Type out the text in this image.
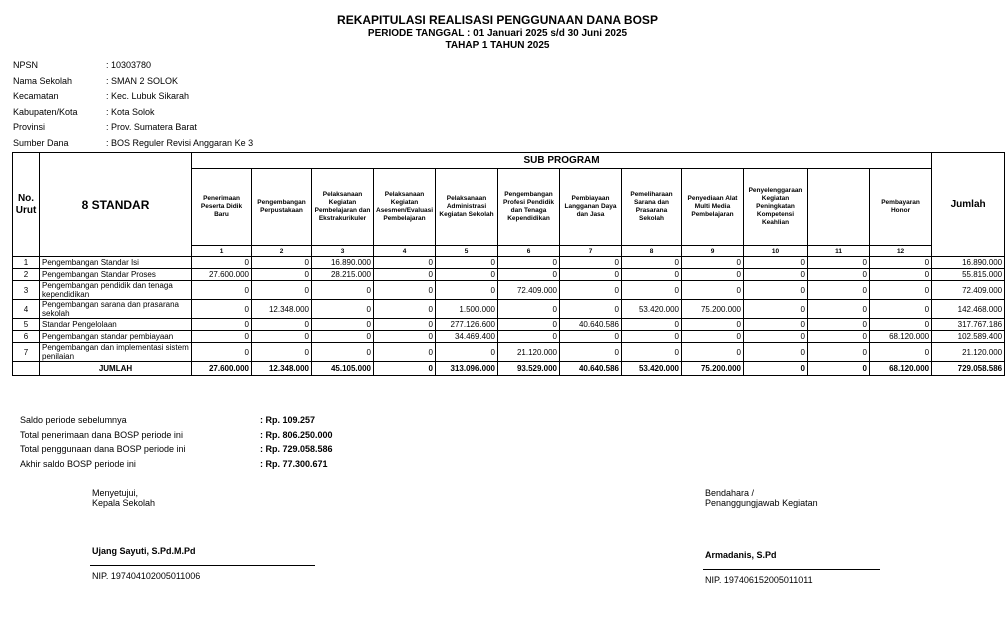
REKAPITULASI REALISASI PENGGUNAAN DANA BOSP
PERIODE TANGGAL : 01 Januari 2025 s/d 30 Juni 2025
TAHAP 1 TAHUN 2025
NPSN	: 10303780
Nama Sekolah	: SMAN 2 SOLOK
Kecamatan	: Kec. Lubuk Sikarah
Kabupaten/Kota	: Kota Solok
Provinsi	: Prov. Sumatera Barat
Sumber Dana	: BOS Reguler Revisi Anggaran Ke 3
No. Urut	8 STANDAR	SUB PROGRAM												Jumlah
		Penerimaan Peserta Didik Baru	Pengembangan Perpustakaan	Pelaksanaan Kegiatan Pembelajaran dan Ekstrakurikuler	Pelaksanaan Kegiatan Asesmen/Evaluasi Pembelajaran	Pelaksanaan Administrasi Kegiatan Sekolah	Pengembangan Profesi Pendidik dan Tenaga Kependidikan	Pembiayaan Langganan Daya dan Jasa	Pemeliharaan Sarana dan Prasarana Sekolah	Penyediaan Alat Multi Media Pembelajaran	Penyelenggaraan Kegiatan Peningkatan Kompetensi Keahlian		Pembayaran Honor	
		1	2	3	4	5	6	7	8	9	10	11	12	
1	Pengembangan Standar Isi	0	0	16.890.000	0	0	0	0	0	0	0	0	0	16.890.000
2	Pengembangan Standar Proses	27.600.000	0	28.215.000	0	0	0	0	0	0	0	0	0	55.815.000
3	Pengembangan pendidik dan tenaga kependidikan	0	0	0	0	0	72.409.000	0	0	0	0	0	0	72.409.000
4	Pengembangan sarana dan prasarana sekolah	0	12.348.000	0	0	1.500.000	0	0	53.420.000	75.200.000	0	0	0	142.468.000
5	Standar Pengelolaan	0	0	0	0	277.126.600	0	40.640.586	0	0	0	0	0	317.767.186
6	Pengembangan standar pembiayaan	0	0	0	0	34.469.400	0	0	0	0	0	0	68.120.000	102.589.400
7	Pengembangan dan implementasi sistem penilaian	0	0	0	0	0	21.120.000	0	0	0	0	0	0	21.120.000
	JUMLAH	27.600.000	12.348.000	45.105.000	0	313.096.000	93.529.000	40.640.586	53.420.000	75.200.000	0	0	68.120.000	729.058.586
Saldo periode sebelumnya	: Rp. 109.257
Total penerimaan dana BOSP periode ini	: Rp. 806.250.000
Total penggunaan dana BOSP periode ini	: Rp. 729.058.586
Akhir saldo BOSP periode ini	: Rp. 77.300.671
Menyetujui,
Kepala Sekolah
Ujang Sayuti, S.Pd.M.Pd
NIP. 197404102005011006
Bendahara /
Penanggungjawab Kegiatan
Armadanis, S.Pd
NIP. 197406152005011011
